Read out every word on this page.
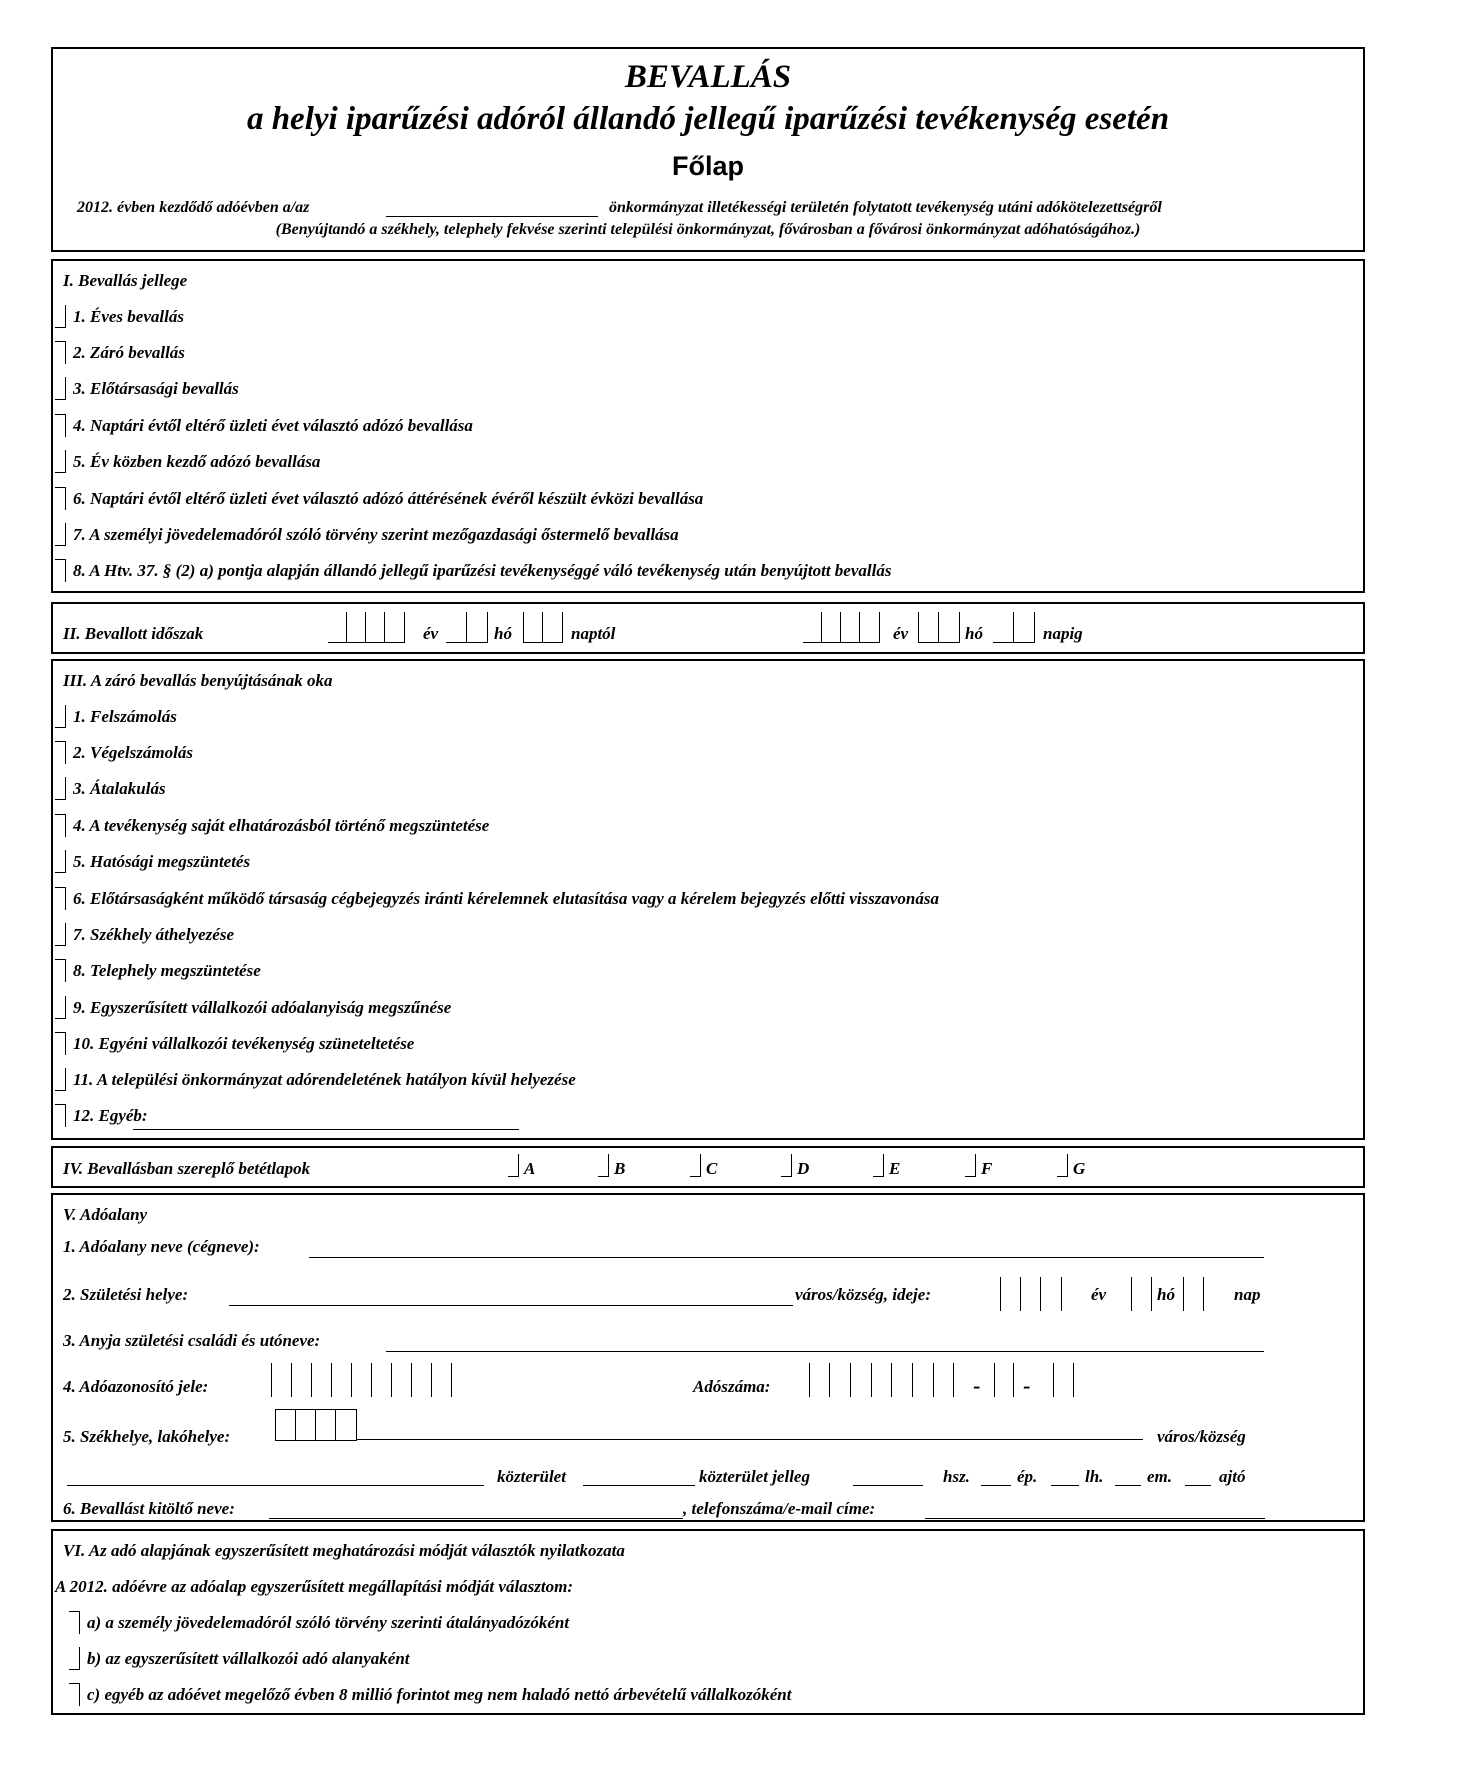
BEVALLÁS
a helyi iparűzési adóról állandó jellegű iparűzési tevékenység esetén
Főlap
2012. évben kezdődő adóévben a/az	önkormányzat illetékességi területén folytatott tevékenység utáni adókötelezettségről
(Benyújtandó a székhely, telephely fekvése szerinti települési önkormányzat, fővárosban a fővárosi önkormányzat adóhatóságához.)
I. Bevallás jellege
1. Éves bevallás
2. Záró bevallás
3. Előtársasági bevallás
4. Naptári évtől eltérő üzleti évet választó adózó bevallása
5. Év közben kezdő adózó bevallása
6. Naptári évtől eltérő üzleti évet választó adózó áttérésének évéről készült évközi bevallása
7. A személyi jövedelemadóról szóló törvény szerint mezőgazdasági őstermelő bevallása
8. A Htv. 37. § (2) a) pontja alapján állandó jellegű iparűzési tevékenységgé váló tevékenység után benyújtott bevallás
II. Bevallott időszak	év	hó	naptól	év	hó	napig
III. A záró bevallás benyújtásának oka
1. Felszámolás
2. Végelszámolás
3. Átalakulás
4. A tevékenység saját elhatározásból történő megszüntetése
5. Hatósági megszüntetés
6. Előtársaságként működő társaság cégbejegyzés iránti kérelemnek elutasítása vagy a kérelem bejegyzés előtti visszavonása
7. Székhely áthelyezése
8. Telephely megszüntetése
9. Egyszerűsített vállalkozói adóalanyiság megszűnése
10. Egyéni vállalkozói tevékenység szüneteltetése
11. A települési önkormányzat adórendeletének hatályon kívül helyezése
12. Egyéb:
IV. Bevallásban szereplő betétlapok	A	B	C	D	E	F	G
V. Adóalany
1. Adóalany neve (cégneve):
2. Születési helye:	város/község, ideje:	év	hó	nap
3. Anyja születési családi és utóneve:
4. Adóazonosító jele:	Adószáma:	- -
5. Székhelye, lakóhelye:	város/község
közterület	közterület jelleg	hsz.	ép.	lh.	em.	ajtó
6. Bevallást kitöltő neve:	, telefonszáma/e-mail címe:
VI. Az adó alapjának egyszerűsített meghatározási módját választók nyilatkozata
A 2012. adóévre az adóalap egyszerűsített megállapítási módját választom:
a) a személy jövedelemadóról szóló törvény szerinti átalányadózóként
b) az egyszerűsített vállalkozói adó alanyaként
c) egyéb az adóévet megelőző évben 8 millió forintot meg nem haladó nettó árbevételű vállalkozóként
